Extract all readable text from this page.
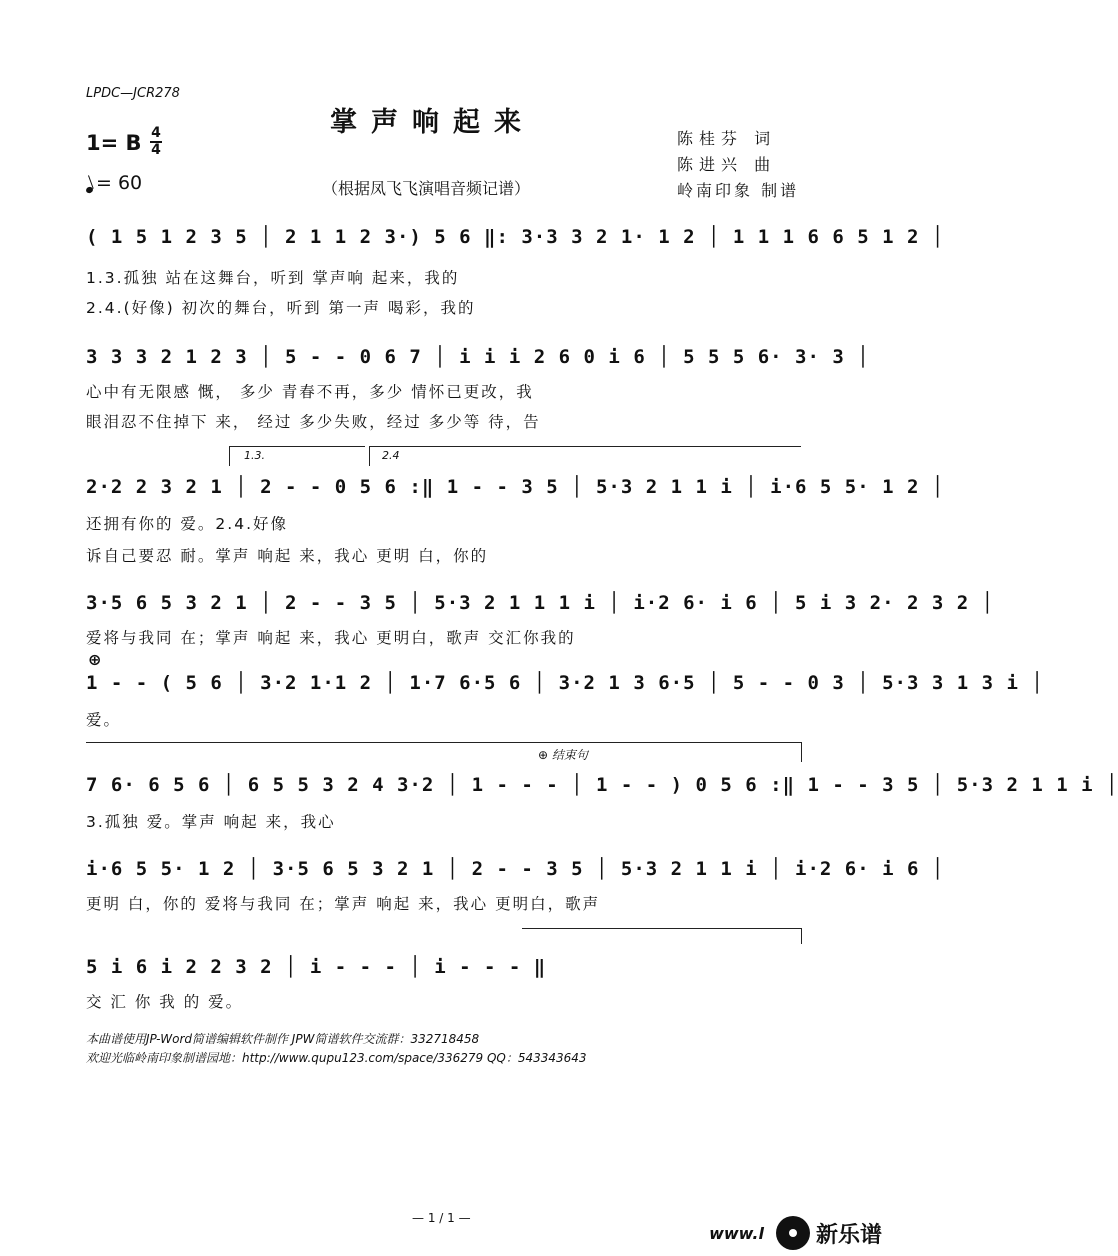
LPDC—JCR278
掌声响起来
1= B 4
4
= 60	（根据凤飞飞演唱音频记谱）
陈桂芬 词
陈进兴 曲
岭南印象 制谱
( 1 5 1 2 3 5 │ 2 1 1 2 3·) 5 6 ‖: 3·3 3 2 1· 1 2 │ 1 1 1 6 6 5 1 2 │
1.3.孤独 站在这舞台，听到 掌声响 起来，我的
2.4.(好像) 初次的舞台，听到 第一声 喝彩，我的
3 3 3 2 1 2 3 │ 5 - - 0 6 7 │ i i i 2 6 0 i 6 │ 5 5 5 6· 3· 3 │
心中有无限感 慨， 多少 青春不再，多少 情怀已更改，我
眼泪忍不住掉下 来， 经过 多少失败，经过 多少等 待，告
1.3.	2.4
2·2 2 3 2 1 │ 2 - - 0 5 6 :‖ 1 - - 3 5 │ 5·3 2 1 1 i │ i·6 5 5· 1 2 │
还拥有你的 爱。2.4.好像
诉自己要忍 耐。掌声 响起 来，我心 更明 白，你的
3·5 6 5 3 2 1 │ 2 - - 3 5 │ 5·3 2 1 1 1 i │ i·2 6· i 6 │ 5 i 3 2· 2 3 2 │
爱将与我同 在；掌声 响起 来，我心 更明白，歌声 交汇你我的
⊕
1 - - ( 5 6 │ 3·2 1·1 2 │ 1·7 6·5 6 │ 3·2 1 3 6·5 │ 5 - - 0 3 │ 5·3 3 1 3 i │
爱。
⊕ 结束句
7 6· 6 5 6 │ 6 5 5 3 2 4 3·2 │ 1 - - - │ 1 - - ) 0 5 6 :‖ 1 - - 3 5 │ 5·3 2 1 1 i │
3.孤独 爱。掌声 响起 来，我心
i·6 5 5· 1 2 │ 3·5 6 5 3 2 1 │ 2 - - 3 5 │ 5·3 2 1 1 i │ i·2 6· i 6 │
更明 白，你的 爱将与我同 在；掌声 响起 来，我心 更明白，歌声
5 i 6 i 2 2 3 2 │ i - - - │ i - - - ‖
交 汇 你 我 的 爱。
本曲谱使用JP-Word简谱编辑软件制作 JPW简谱软件交流群：332718458
欢迎光临岭南印象制谱园地：http://www.qupu123.com/space/336279 QQ：543343643
— 1 / 1 —
www.l 新乐谱
